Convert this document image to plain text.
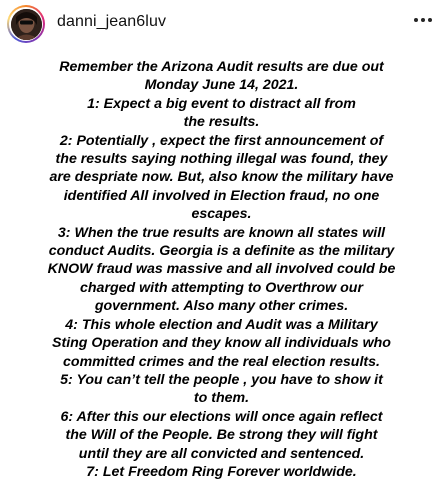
danni_jean6luv
Remember the Arizona Audit results are due out
Monday June 14, 2021.
1: Expect a big event to distract all from
the results.
2: Potentially , expect the first announcement of
the results saying nothing illegal was found, they
are despriate now. But, also know the military have
identified All involved in Election fraud, no one
escapes.
3: When the true results are known all states will
conduct Audits. Georgia is a definite as the military
KNOW fraud was massive and all involved could be
charged with attempting to Overthrow our
government. Also many other crimes.
4: This whole election and Audit was a Military
Sting Operation and they know all individuals who
committed crimes and the real election results.
5: You can’t tell the people , you have to show it
to them.
6: After this our elections will once again reflect
the Will of the People. Be strong they will fight
until they are all convicted and sentenced.
7: Let Freedom Ring Forever worldwide.
